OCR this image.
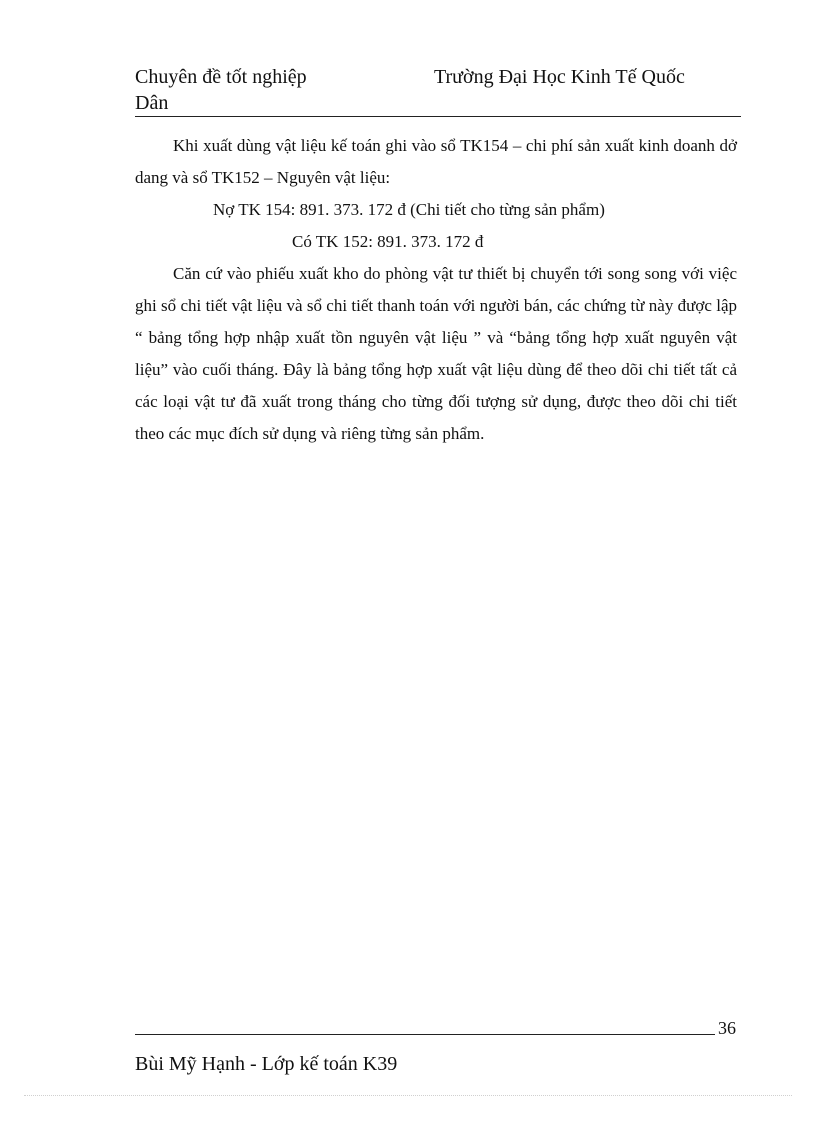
Chuyên đề tốt nghiệp	Trường Đại Học Kinh Tế Quốc
Dân

Khi xuất dùng vật liệu kế toán ghi vào sổ TK154 – chi phí sản xuất kinh doanh dở dang và sổ TK152 – Nguyên vật liệu:

Nợ TK 154: 891. 373. 172 đ (Chi tiết cho từng sản phẩm)

Có TK 152: 891. 373. 172 đ

Căn cứ vào phiếu xuất kho do phòng vật tư thiết bị chuyển tới song song với việc ghi sổ chi tiết vật liệu và sổ chi tiết thanh toán với người bán, các chứng từ này được lập “ bảng tổng hợp nhập xuất tồn nguyên vật liệu ” và “bảng tổng hợp xuất nguyên vật liệu” vào cuối tháng. Đây là bảng tổng hợp xuất vật liệu dùng để theo dõi chi tiết tất cả các loại vật tư đã xuất trong tháng cho từng đối tượng sử dụng, được theo dõi chi tiết theo các mục đích sử dụng và riêng từng sản phẩm.

36
Bùi Mỹ Hạnh - Lớp kế toán K39
